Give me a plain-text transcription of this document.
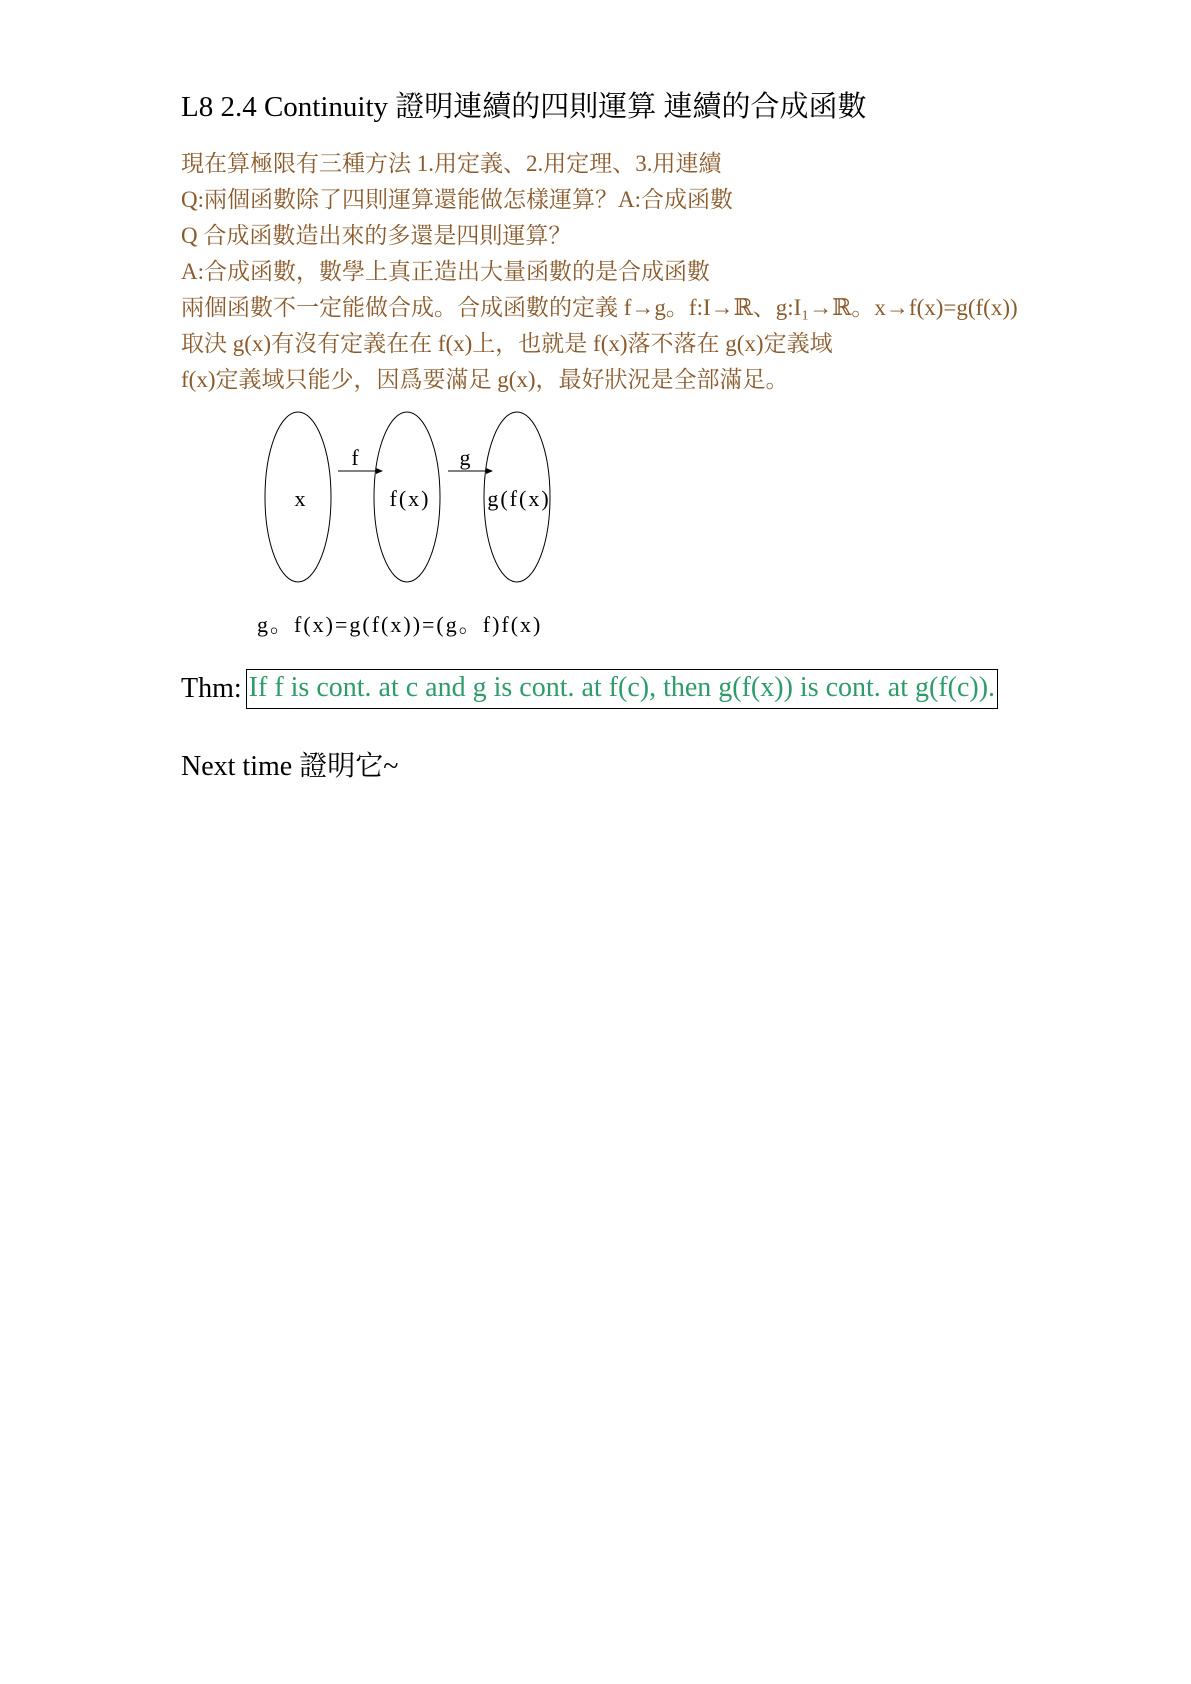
L8 2.4 Continuity 證明連續的四則運算 連續的合成函數
現在算極限有三種方法 1.用定義、2.用定理、3.用連續
Q:兩個函數除了四則運算還能做怎樣運算？A:合成函數
Q 合成函數造出來的多還是四則運算？
A:合成函數，數學上真正造出大量函數的是合成函數
兩個函數不一定能做合成。合成函數的定義 f→g。f:I→ℝ、g:I₁→ℝ。x→f(x)=g(f(x))
取決 g(x)有沒有定義在在 f(x)上，也就是 f(x)落不落在 g(x)定義域
f(x)定義域只能少，因爲要滿足 g(x)，最好狀況是全部滿足。
f	g
x	f(x)	g(f(x)
g。f(x)=g(f(x))=(g。f)f(x)
Thm: If f is cont. at c and g is cont. at f(c), then g(f(x)) is cont. at g(f(c)).
Next time 證明它~
